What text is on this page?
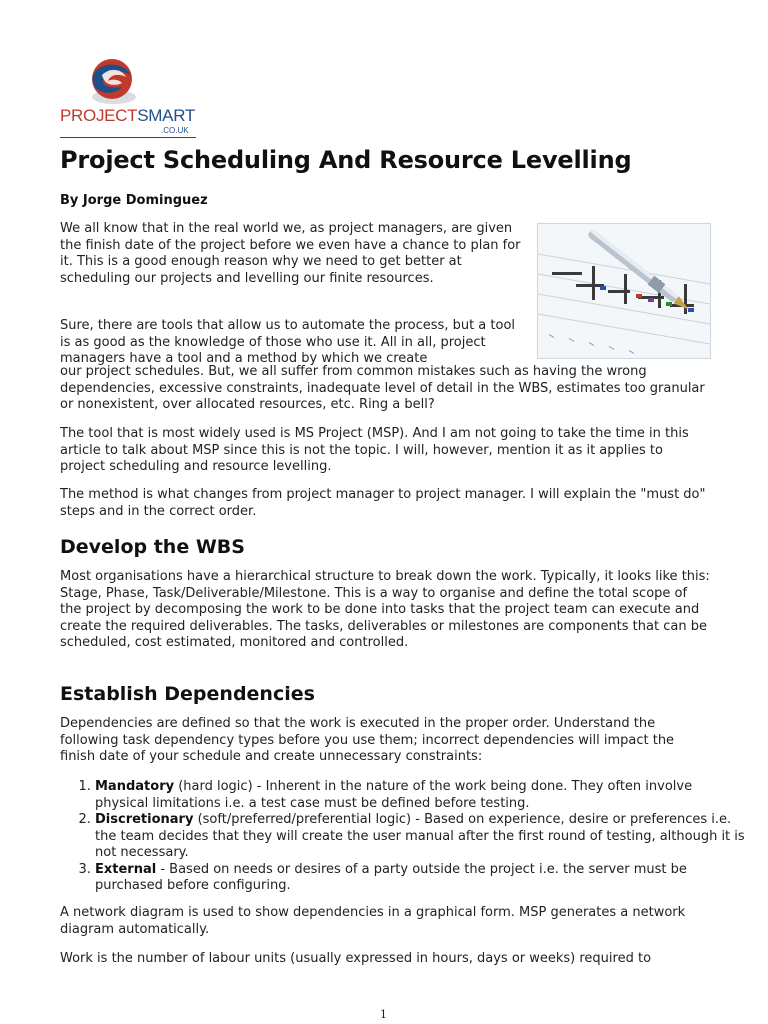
PROJECTSMART
.CO.UK
Project Scheduling And Resource Levelling
By Jorge Dominguez

We all know that in the real world we, as project managers, are given the finish date of the project before we even have a chance to plan for it. This is a good enough reason why we need to get better at scheduling our projects and levelling our finite resources.

━━ ━━ ━━ ━━ ━━

Sure, there are tools that allow us to automate the process, but a tool is as good as the knowledge of those who use it. All in all, project managers have a tool and a method by which we create

our project schedules. But, we all suffer from common mistakes such as having the wrong dependencies, excessive constraints, inadequate level of detail in the WBS, estimates too granular or nonexistent, over allocated resources, etc. Ring a bell?

The tool that is most widely used is MS Project (MSP). And I am not going to take the time in this article to talk about MSP since this is not the topic. I will, however, mention it as it applies to project scheduling and resource levelling.

The method is what changes from project manager to project manager. I will explain the "must do" steps and in the correct order.

Develop the WBS

Most organisations have a hierarchical structure to break down the work. Typically, it looks like this: Stage, Phase, Task/Deliverable/Milestone. This is a way to organise and define the total scope of the project by decomposing the work to be done into tasks that the project team can execute and create the required deliverables. The tasks, deliverables or milestones are components that can be scheduled, cost estimated, monitored and controlled.

Establish Dependencies

Dependencies are defined so that the work is executed in the proper order. Understand the following task dependency types before you use them; incorrect dependencies will impact the finish date of your schedule and create unnecessary constraints:

1. Mandatory (hard logic) - Inherent in the nature of the work being done. They often involve physical limitations i.e. a test case must be defined before testing.
2. Discretionary (soft/preferred/preferential logic) - Based on experience, desire or preferences i.e. the team decides that they will create the user manual after the first round of testing, although it is not necessary.
3. External - Based on needs or desires of a party outside the project i.e. the server must be purchased before configuring.

A network diagram is used to show dependencies in a graphical form. MSP generates a network diagram automatically.

Work is the number of labour units (usually expressed in hours, days or weeks) required to

1
